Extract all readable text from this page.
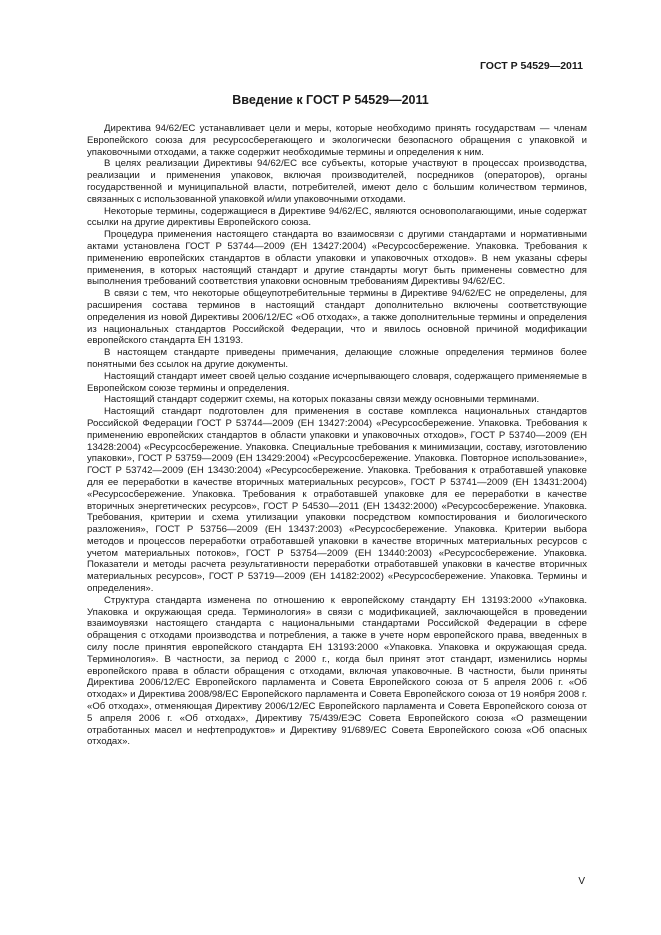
ГОСТ Р 54529—2011
Введение к ГОСТ Р 54529—2011

Директива 94/62/ЕС устанавливает цели и меры, которые необходимо принять государствам — членам Европейского союза для ресурсосберегающего и экологически безопасного обращения с упаковкой и упаковочными отходами, а также содержит необходимые термины и определения к ним.

В целях реализации Директивы 94/62/ЕС все субъекты, которые участвуют в процессах производства, реализации и применения упаковок, включая производителей, посредников (операторов), органы государственной и муниципальной власти, потребителей, имеют дело с большим количеством терминов, связанных с использованной упаковкой и/или упаковочными отходами.

Некоторые термины, содержащиеся в Директиве 94/62/ЕС, являются основополагающими, иные содержат ссылки на другие директивы Европейского союза.

Процедура применения настоящего стандарта во взаимосвязи с другими стандартами и нормативными актами установлена ГОСТ Р 53744—2009 (ЕН 13427:2004) «Ресурсосбережение. Упаковка. Требования к применению европейских стандартов в области упаковки и упаковочных отходов». В нем указаны сферы применения, в которых настоящий стандарт и другие стандарты могут быть применены совместно для выполнения требований соответствия упаковки основным требованиям Директивы 94/62/ЕС.

В связи с тем, что некоторые общеупотребительные термины в Директиве 94/62/ЕС не определены, для расширения состава терминов в настоящий стандарт дополнительно включены соответствующие определения из новой Директивы 2006/12/ЕС «Об отходах», а также дополнительные термины и определения из национальных стандартов Российской Федерации, что и явилось основной причиной модификации европейского стандарта ЕН 13193.

В настоящем стандарте приведены примечания, делающие сложные определения терминов более понятными без ссылок на другие документы.

Настоящий стандарт имеет своей целью создание исчерпывающего словаря, содержащего применяемые в Европейском союзе термины и определения.

Настоящий стандарт содержит схемы, на которых показаны связи между основными терминами.

Настоящий стандарт подготовлен для применения в составе комплекса национальных стандартов Российской Федерации ГОСТ Р 53744—2009 (ЕН 13427:2004) «Ресурсосбережение. Упаковка. Требования к применению европейских стандартов в области упаковки и упаковочных отходов», ГОСТ Р 53740—2009 (ЕН 13428:2004) «Ресурсосбережение. Упаковка. Специальные требования к минимизации, составу, изготовлению упаковки», ГОСТ Р 53759—2009 (ЕН 13429:2004) «Ресурсосбережение. Упаковка. Повторное использование», ГОСТ Р 53742—2009 (ЕН 13430:2004) «Ресурсосбережение. Упаковка. Требования к отработавшей упаковке для ее переработки в качестве вторичных материальных ресурсов», ГОСТ Р 53741—2009 (ЕН 13431:2004) «Ресурсосбережение. Упаковка. Требования к отработавшей упаковке для ее переработки в качестве вторичных энергетических ресурсов», ГОСТ Р 54530—2011 (ЕН 13432:2000) «Ресурсосбережение. Упаковка. Требования, критерии и схема утилизации упаковки посредством компостирования и биологического разложения», ГОСТ Р 53756—2009 (ЕН 13437:2003) «Ресурсосбережение. Упаковка. Критерии выбора методов и процессов переработки отработавшей упаковки в качестве вторичных материальных ресурсов с учетом материальных потоков», ГОСТ Р 53754—2009 (ЕН 13440:2003) «Ресурсосбережение. Упаковка. Показатели и методы расчета результативности переработки отработавшей упаковки в качестве вторичных материальных ресурсов», ГОСТ Р 53719—2009 (ЕН 14182:2002) «Ресурсосбережение. Упаковка. Термины и определения».

Структура стандарта изменена по отношению к европейскому стандарту ЕН 13193:2000 «Упаковка. Упаковка и окружающая среда. Терминология» в связи с модификацией, заключающейся в проведении взаимоувязки настоящего стандарта с национальными стандартами Российской Федерации в сфере обращения с отходами производства и потребления, а также в учете норм европейского права, введенных в силу после принятия европейского стандарта ЕН 13193:2000 «Упаковка. Упаковка и окружающая среда. Терминология». В частности, за период с 2000 г., когда был принят этот стандарт, изменились нормы европейского права в области обращения с отходами, включая упаковочные. В частности, были приняты Директива 2006/12/ЕС Европейского парламента и Совета Европейского союза от 5 апреля 2006 г. «Об отходах» и Директива 2008/98/ЕС Европейского парламента и Совета Европейского союза от 19 ноября 2008 г. «Об отходах», отменяющая Директиву 2006/12/ЕС Европейского парламента и Совета Европейского союза от 5 апреля 2006 г. «Об отходах», Директиву 75/439/ЕЭС Совета Европейского союза «О размещении отработанных масел и нефтепродуктов» и Директиву 91/689/ЕС Совета Европейского союза «Об опасных отходах».

V
